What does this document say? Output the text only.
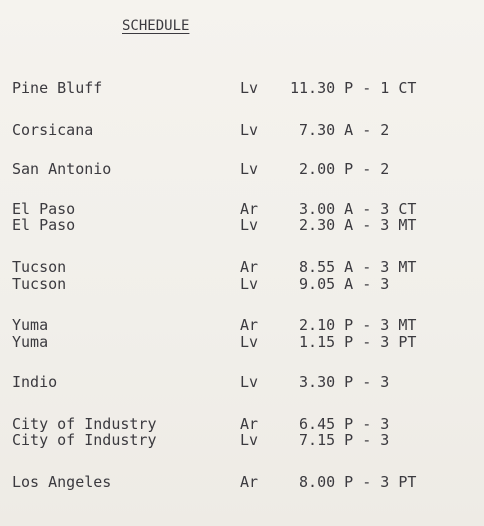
SCHEDULE
Pine Bluff	Lv 11.30 P - 1 CT
Corsicana	Lv 7.30 A - 2
San Antonio	Lv 2.00 P - 2
El Paso	Ar 3.00 A - 3 CT
El Paso	Lv 2.30 A - 3 MT
Tucson	Ar 8.55 A - 3 MT
Tucson	Lv 9.05 A - 3
Yuma	Ar 2.10 P - 3 MT
Yuma	Lv 1.15 P - 3 PT
Indio	Lv 3.30 P - 3
City of Industry	Ar 6.45 P - 3
City of Industry	Lv 7.15 P - 3
Los Angeles	Ar 8.00 P - 3 PT
